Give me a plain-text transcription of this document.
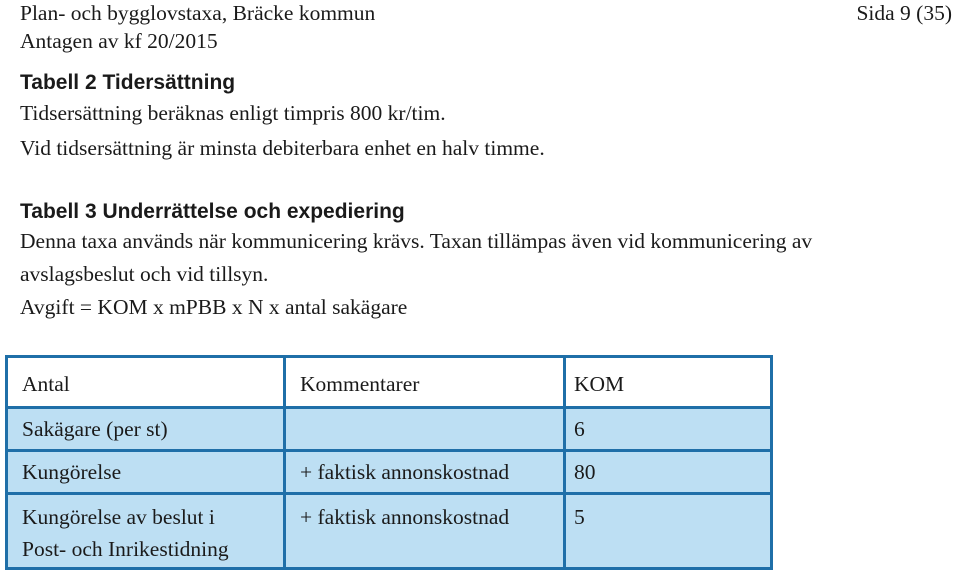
Plan- och bygglovstaxa, Bräcke kommun
Antagen av kf 20/2015
Sida 9 (35)
Tabell 2 Tidersättning
Tidsersättning beräknas enligt timpris 800 kr/tim.
Vid tidsersättning är minsta debiterbara enhet en halv timme.
Tabell 3 Underrättelse och expediering
Denna taxa används när kommunicering krävs. Taxan tillämpas även vid kommunicering av
avslagsbeslut och vid tillsyn.
Avgift = KOM x mPBB x N x antal sakägare
Antal	Kommentarer	KOM
Sakägare (per st)		6
Kungörelse	+ faktisk annonskostnad	80

Kungörelse av beslut i
Post- och Inrikestidning	+ faktisk annonskostnad	5
